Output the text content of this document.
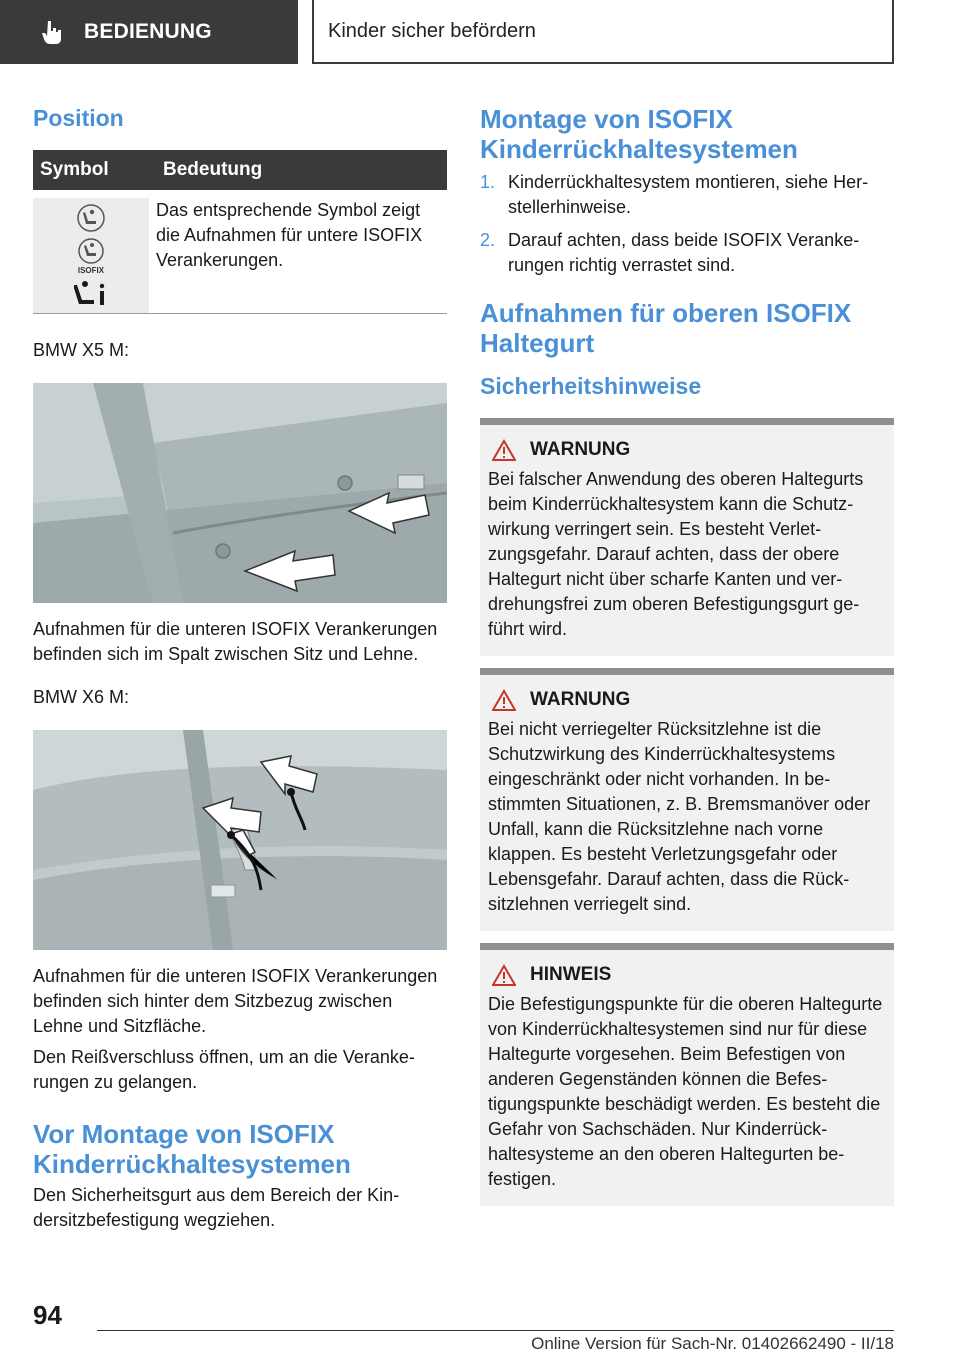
BEDIENUNG	Kinder sicher befördern
Position
Symbol	Bedeutung
ISOFIX
Das entsprechende Symbol zeigt die Aufnahmen für untere ISOFIX Verankerungen.

BMW X5 M:

Aufnahmen für die unteren ISOFIX Verankerungen befinden sich im Spalt zwischen Sitz und Lehne.

BMW X6 M:

Aufnahmen für die unteren ISOFIX Verankerungen befinden sich hinter dem Sitzbezug zwischen Lehne und Sitzfläche.

Den Reißverschluss öffnen, um an die Verankerungen zu gelangen.

Vor Montage von ISOFIX Kinderrückhaltesystemen

Den Sicherheitsgurt aus dem Bereich der Kindersitzbefestigung wegziehen.

Montage von ISOFIX Kinderrückhaltesystemen
1. Kinderrückhaltesystem montieren, siehe Herstellerhinweise.
2. Darauf achten, dass beide ISOFIX Verankerungen richtig verrastet sind.
Aufnahmen für oberen ISOFIX Haltegurt
Sicherheitshinweise
WARNUNG

Bei falscher Anwendung des oberen Haltegurts beim Kinderrückhaltesystem kann die Schutzwirkung verringert sein. Es besteht Verletzungsgefahr. Darauf achten, dass der obere Haltegurt nicht über scharfe Kanten und verdrehungsfrei zum oberen Befestigungsgurt geführt wird.

WARNUNG

Bei nicht verriegelter Rücksitzlehne ist die Schutzwirkung des Kinderrückhaltesystems eingeschränkt oder nicht vorhanden. In bestimmten Situationen, z. B. Bremsmanöver oder Unfall, kann die Rücksitzlehne nach vorne klappen. Es besteht Verletzungsgefahr oder Lebensgefahr. Darauf achten, dass die Rücksitzlehnen verriegelt sind.

HINWEIS

Die Befestigungspunkte für die oberen Haltegurte von Kinderrückhaltesystemen sind nur für diese Haltegurte vorgesehen. Beim Befestigen von anderen Gegenständen können die Befestigungspunkte beschädigt werden. Es besteht die Gefahr von Sachschäden. Nur Kinderrückhaltesysteme an den oberen Haltegurten befestigen.

94
Online Version für Sach-Nr. 01402662490 - II/18
